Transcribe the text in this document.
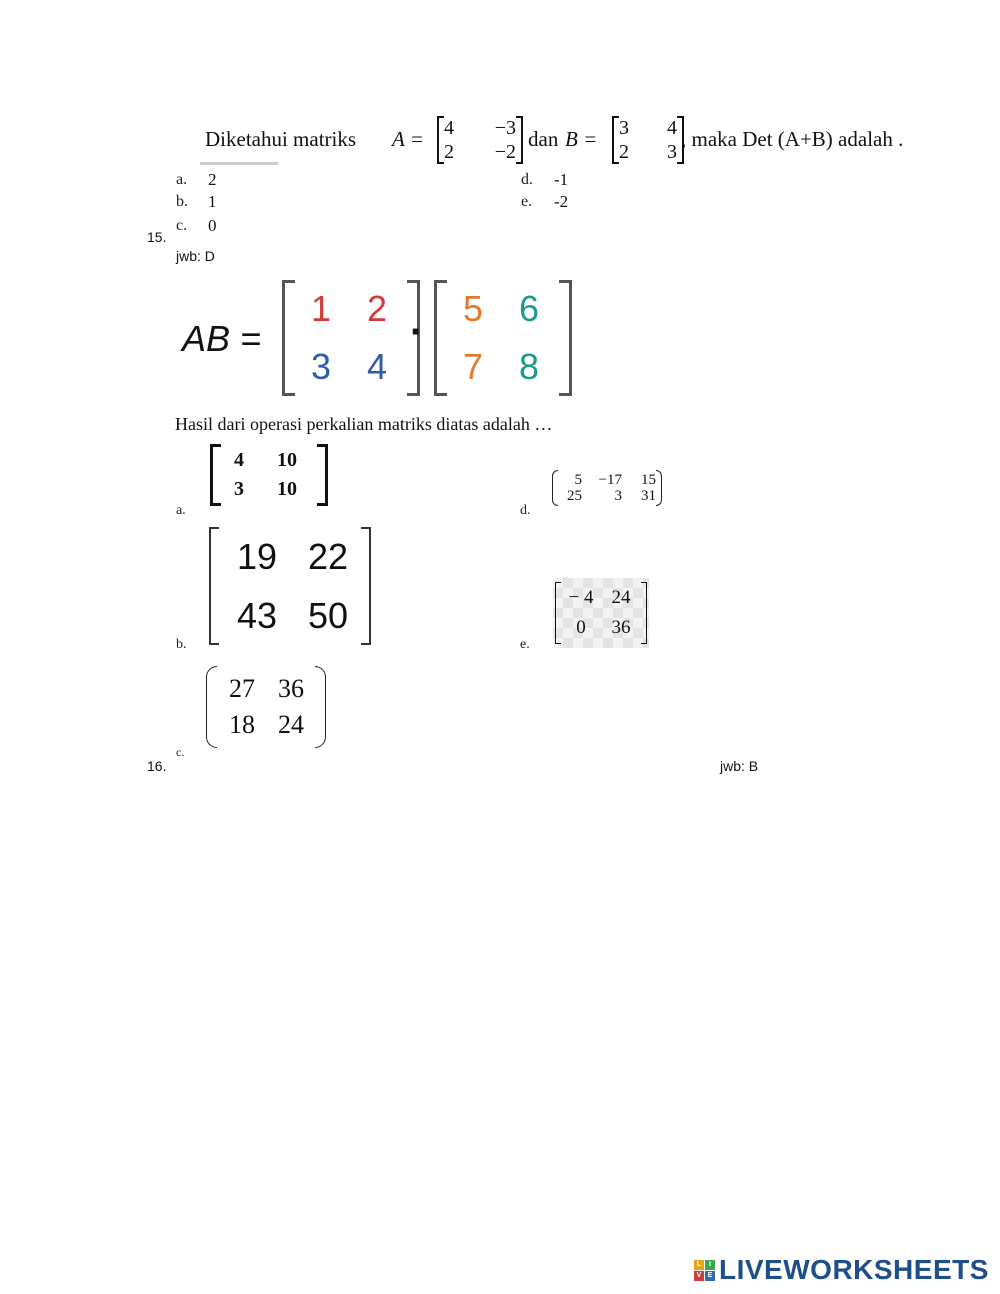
Diketahui matriks A = 4 −3
2 −2
dan B = 3 4
2 3
, maka Det (A+B) adalah .
a. 2
b. 1
c. 0
d. -1
e. -2
15.
jwb: D
AB =
1 2
3 4
·
5 6
7 8
Hasil dari operasi perkalian matriks diatas adalah …
4 10
3 10
a.
19 22
43 50
b.
27 36
18 24
c.
5 −17 15
25 3 31
d.
− 4 24
0 36
e.
16.	jwb: B
L	I
V E LIVEWORKSHEETS
